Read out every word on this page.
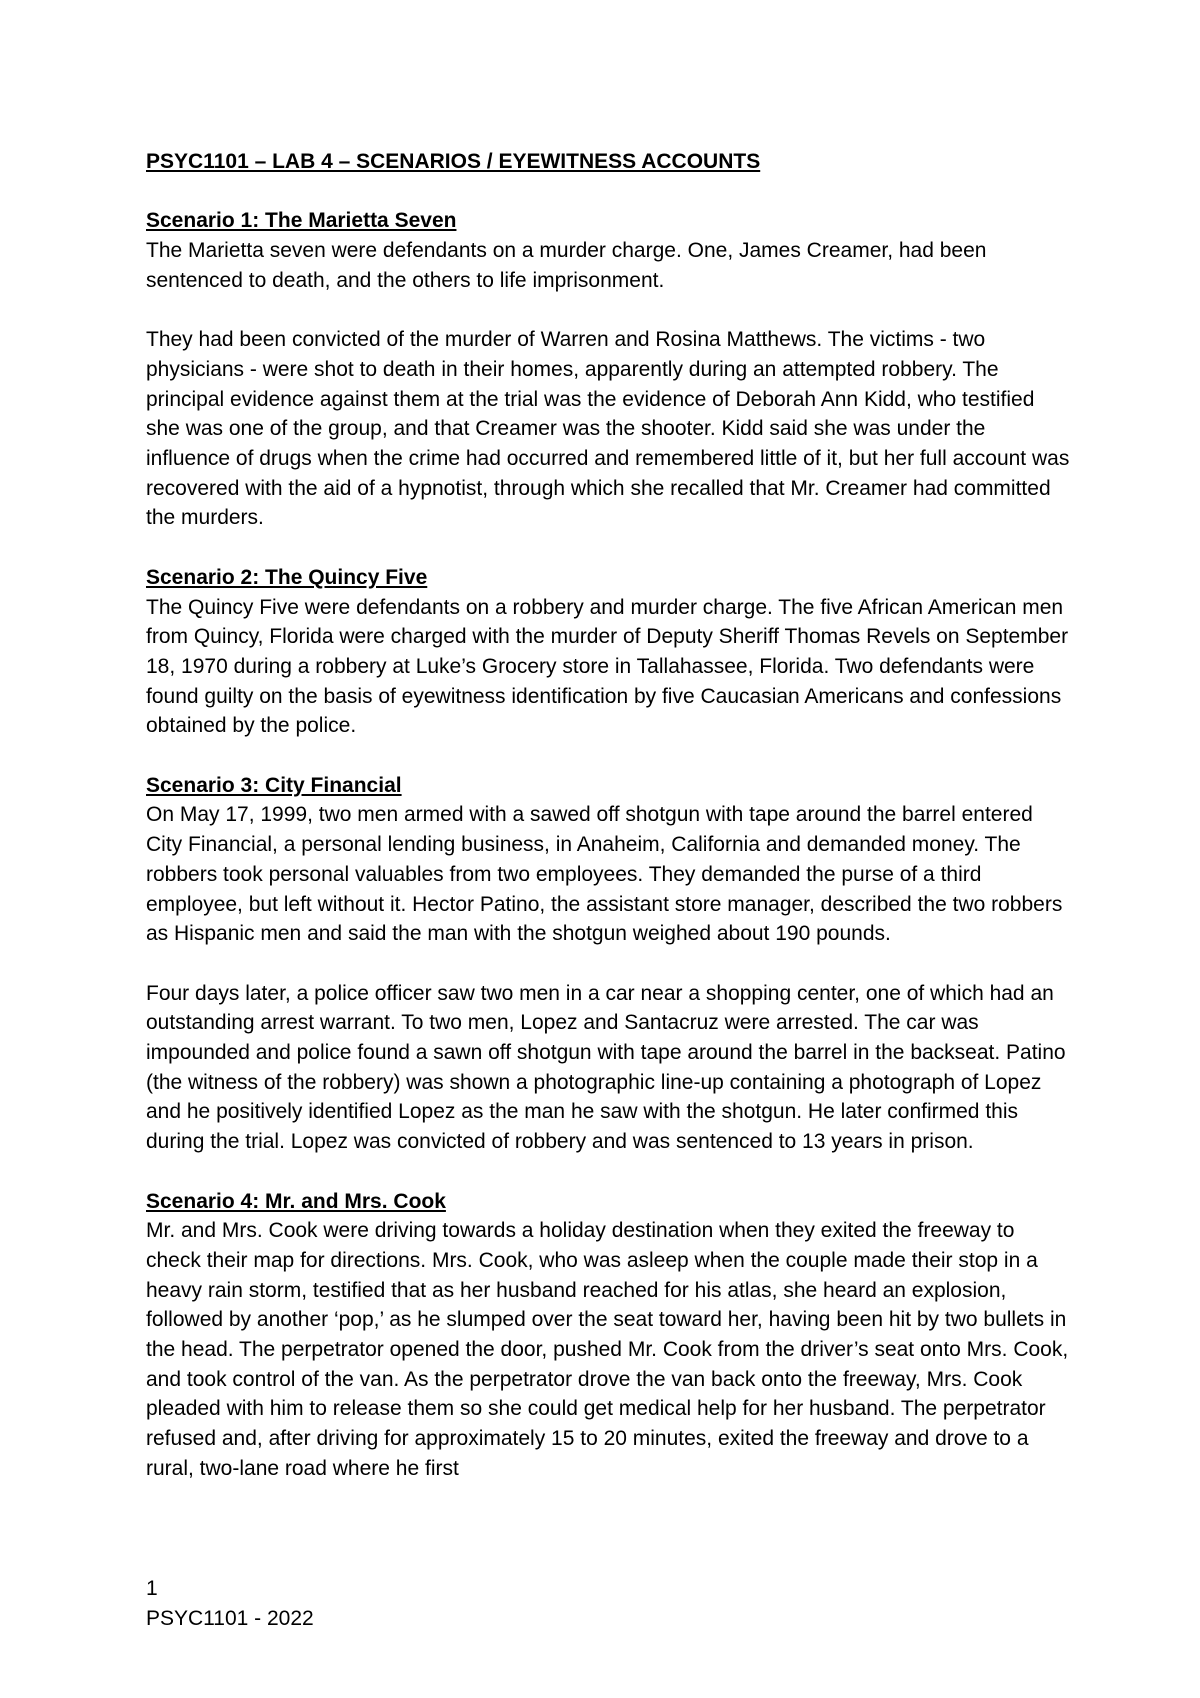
PSYC1101 – LAB 4 – SCENARIOS / EYEWITNESS ACCOUNTS
Scenario 1: The Marietta Seven

The Marietta seven were defendants on a murder charge. One, James Creamer, had been sentenced to death, and the others to life imprisonment.

They had been convicted of the murder of Warren and Rosina Matthews. The victims - two physicians - were shot to death in their homes, apparently during an attempted robbery. The principal evidence against them at the trial was the evidence of Deborah Ann Kidd, who testified she was one of the group, and that Creamer was the shooter. Kidd said she was under the influence of drugs when the crime had occurred and remembered little of it, but her full account was recovered with the aid of a hypnotist, through which she recalled that Mr. Creamer had committed the murders.

Scenario 2: The Quincy Five

The Quincy Five were defendants on a robbery and murder charge. The five African American men from Quincy, Florida were charged with the murder of Deputy Sheriff Thomas Revels on September 18, 1970 during a robbery at Luke’s Grocery store in Tallahassee, Florida. Two defendants were found guilty on the basis of eyewitness identification by five Caucasian Americans and confessions obtained by the police.

Scenario 3: City Financial

On May 17, 1999, two men armed with a sawed off shotgun with tape around the barrel entered City Financial, a personal lending business, in Anaheim, California and demanded money. The robbers took personal valuables from two employees. They demanded the purse of a third employee, but left without it. Hector Patino, the assistant store manager, described the two robbers as Hispanic men and said the man with the shotgun weighed about 190 pounds.

Four days later, a police officer saw two men in a car near a shopping center, one of which had an outstanding arrest warrant. To two men, Lopez and Santacruz were arrested. The car was impounded and police found a sawn off shotgun with tape around the barrel in the backseat. Patino (the witness of the robbery) was shown a photographic line-up containing a photograph of Lopez and he positively identified Lopez as the man he saw with the shotgun. He later confirmed this during the trial. Lopez was convicted of robbery and was sentenced to 13 years in prison.

Scenario 4: Mr. and Mrs. Cook

Mr. and Mrs. Cook were driving towards a holiday destination when they exited the freeway to check their map for directions. Mrs. Cook, who was asleep when the couple made their stop in a heavy rain storm, testified that as her husband reached for his atlas, she heard an explosion, followed by another ‘pop,’ as he slumped over the seat toward her, having been hit by two bullets in the head. The perpetrator opened the door, pushed Mr. Cook from the driver’s seat onto Mrs. Cook, and took control of the van. As the perpetrator drove the van back onto the freeway, Mrs. Cook pleaded with him to release them so she could get medical help for her husband. The perpetrator refused and, after driving for approximately 15 to 20 minutes, exited the freeway and drove to a rural, two-lane road where he first

1
PSYC1101 - 2022
